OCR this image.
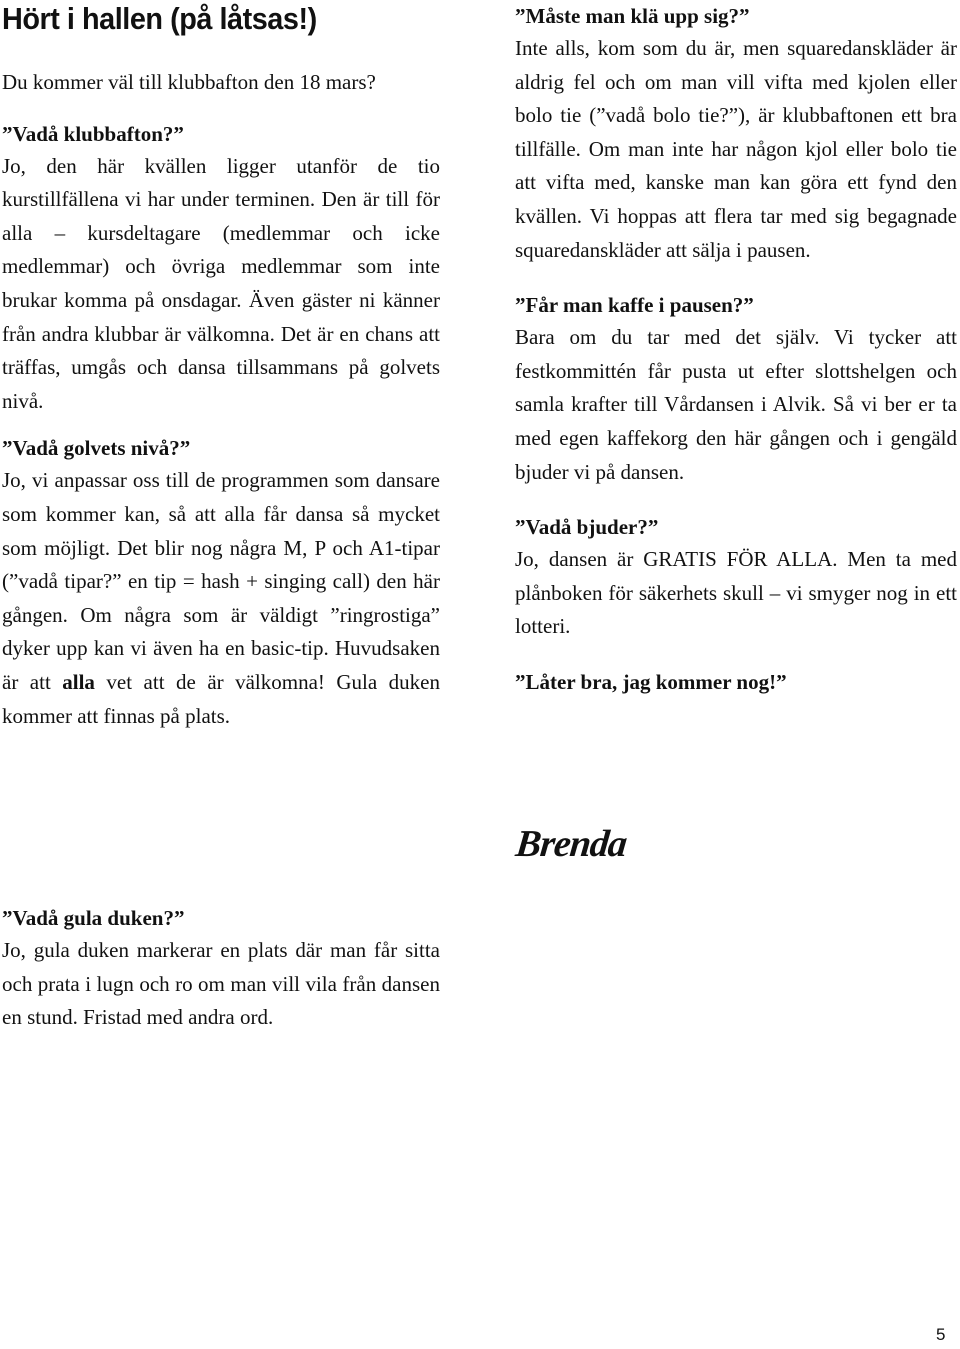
Hört i hallen (på låtsas!)

Du kommer väl till klubbafton den 18 mars?

”Vadå klubbafton?”

Jo, den här kvällen ligger utanför de tio kurstillfällena vi har under terminen. Den är till för alla – kursdeltagare (medlemmar och icke medlemmar) och övriga medlemmar som inte brukar komma på onsdagar. Även gäster ni känner från andra klubbar är välkomna. Det är en chans att träffas, umgås och dansa tillsammans på golvets nivå.

”Vadå golvets nivå?”

Jo, vi anpassar oss till de programmen som dansare som kommer kan, så att alla får dansa så mycket som möjligt. Det blir nog några M, P och A1-tipar (”vadå tipar?” en tip = hash + singing call) den här gången. Om några som är väldigt ”ringrostiga” dyker upp kan vi även ha en basic-tip. Huvudsaken är att alla vet att de är välkomna! Gula duken kommer att finnas på plats.

”Vadå gula duken?”

Jo, gula duken markerar en plats där man får sitta och prata i lugn och ro om man vill vila från dansen en stund. Fristad med andra ord.

”Måste man klä upp sig?”

Inte alls, kom som du är, men squaredanskläder är aldrig fel och om man vill vifta med kjolen eller bolo tie (”vadå bolo tie?”), är klubbaftonen ett bra tillfälle. Om man inte har någon kjol eller bolo tie att vifta med, kanske man kan göra ett fynd den kvällen. Vi hoppas att flera tar med sig begagnade squaredanskläder att sälja i pausen.

”Får man kaffe i pausen?”

Bara om du tar med det själv. Vi tycker att festkommittén får pusta ut efter slottshelgen och samla krafter till Vårdansen i Alvik. Så vi ber er ta med egen kaffekorg den här gången och i gengäld bjuder vi på dansen.

”Vadå bjuder?”

Jo, dansen är GRATIS FÖR ALLA. Men ta med plånboken för säkerhets skull – vi smyger nog in ett lotteri.

”Låter bra, jag kommer nog!”

Brenda
5
